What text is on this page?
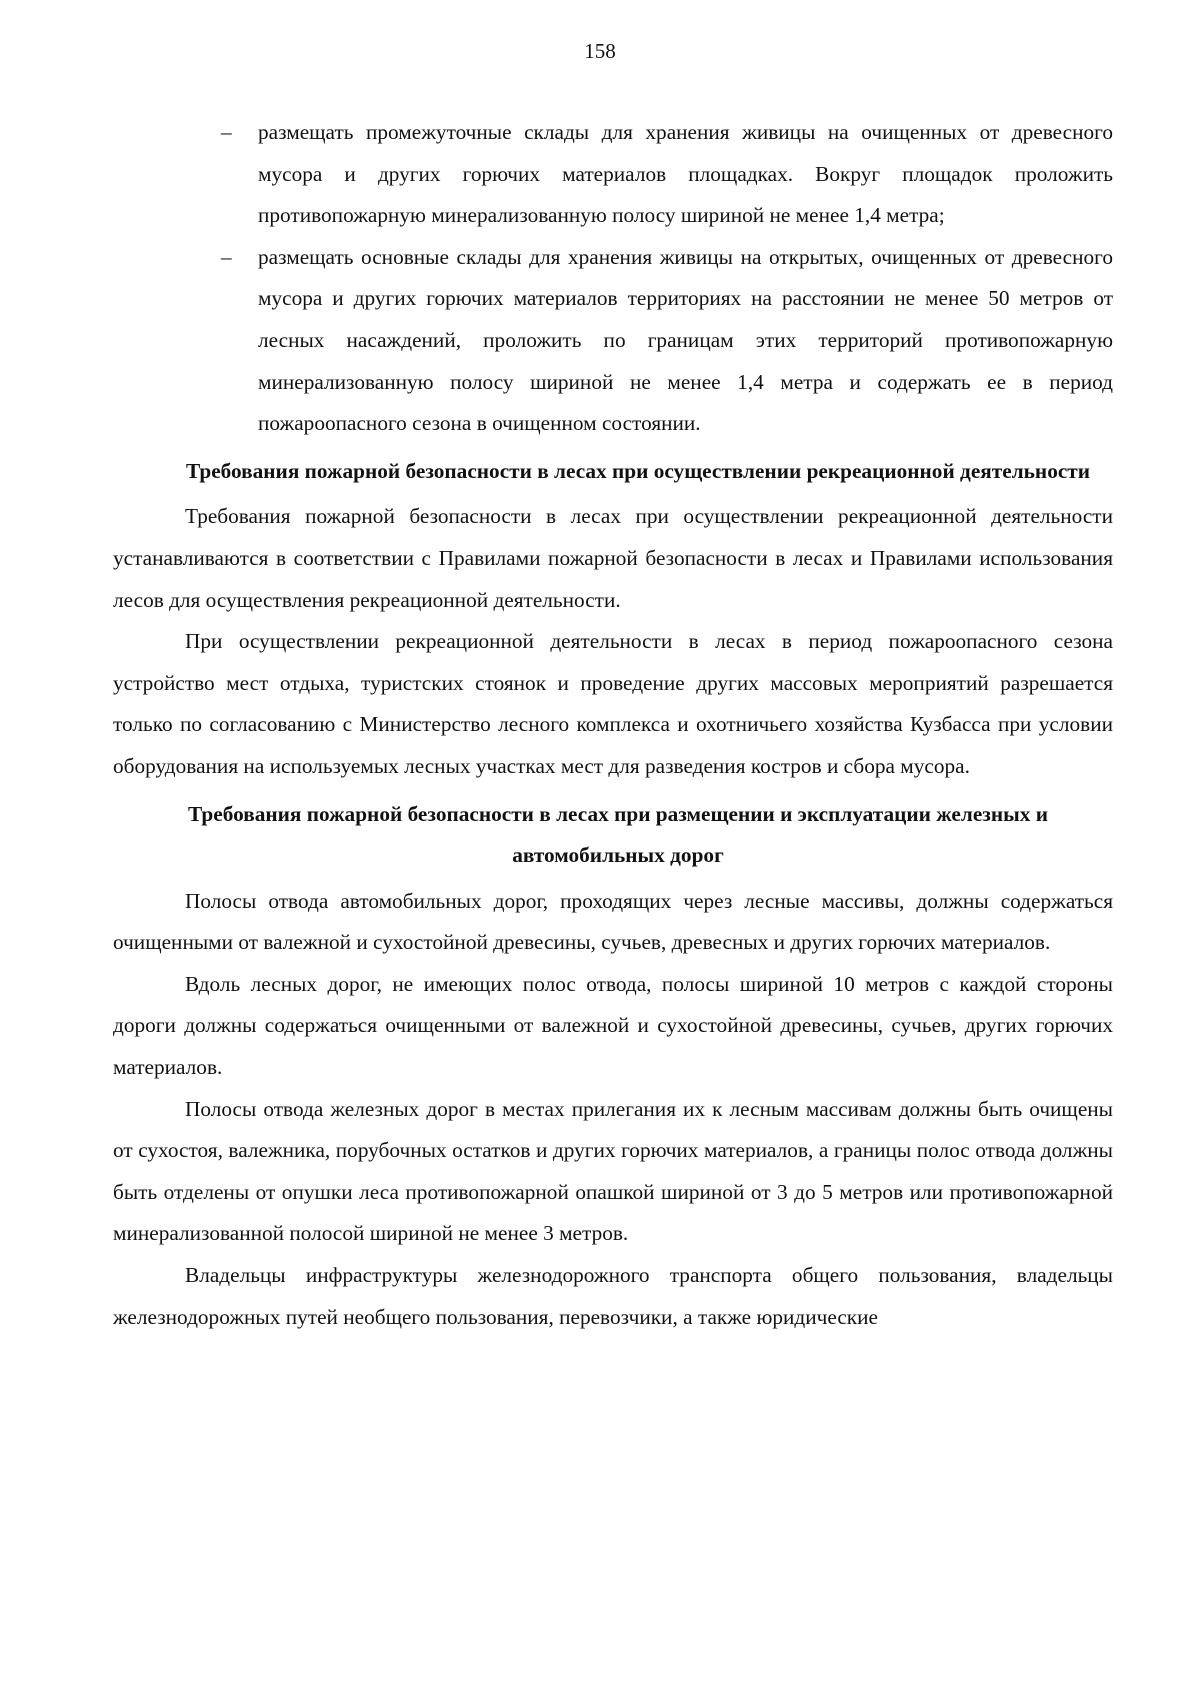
158
– размещать промежуточные склады для хранения живицы на очищенных от древесного мусора и других горючих материалов площадках. Вокруг площадок проложить противопожарную минерализованную полосу шириной не менее 1,4 метра;
– размещать основные склады для хранения живицы на открытых, очищенных от древесного мусора и других горючих материалов территориях на расстоянии не менее 50 метров от лесных насаждений, проложить по границам этих территорий противопожарную минерализованную полосу шириной не менее 1,4 метра и содержать ее в период пожароопасного сезона в очищенном состоянии.
Требования пожарной безопасности в лесах при осуществлении рекреационной деятельности

Требования пожарной безопасности в лесах при осуществлении рекреационной деятельности устанавливаются в соответствии с Правилами пожарной безопасности в лесах и Правилами использования лесов для осуществления рекреационной деятельности.

При осуществлении рекреационной деятельности в лесах в период пожароопасного сезона устройство мест отдыха, туристских стоянок и проведение других массовых мероприятий разрешается только по согласованию с Министерство лесного комплекса и охотничьего хозяйства Кузбасса при условии оборудования на используемых лесных участках мест для разведения костров и сбора мусора.

Требования пожарной безопасности в лесах при размещении и эксплуатации железных и автомобильных дорог

Полосы отвода автомобильных дорог, проходящих через лесные массивы, должны содержаться очищенными от валежной и сухостойной древесины, сучьев, древесных и других горючих материалов.

Вдоль лесных дорог, не имеющих полос отвода, полосы шириной 10 метров с каждой стороны дороги должны содержаться очищенными от валежной и сухостойной древесины, сучьев, других горючих материалов.

Полосы отвода железных дорог в местах прилегания их к лесным массивам должны быть очищены от сухостоя, валежника, порубочных остатков и других горючих материалов, а границы полос отвода должны быть отделены от опушки леса противопожарной опашкой шириной от 3 до 5 метров или противопожарной минерализованной полосой шириной не менее 3 метров.

Владельцы инфраструктуры железнодорожного транспорта общего пользования, владельцы железнодорожных путей необщего пользования, перевозчики, а также юридические
